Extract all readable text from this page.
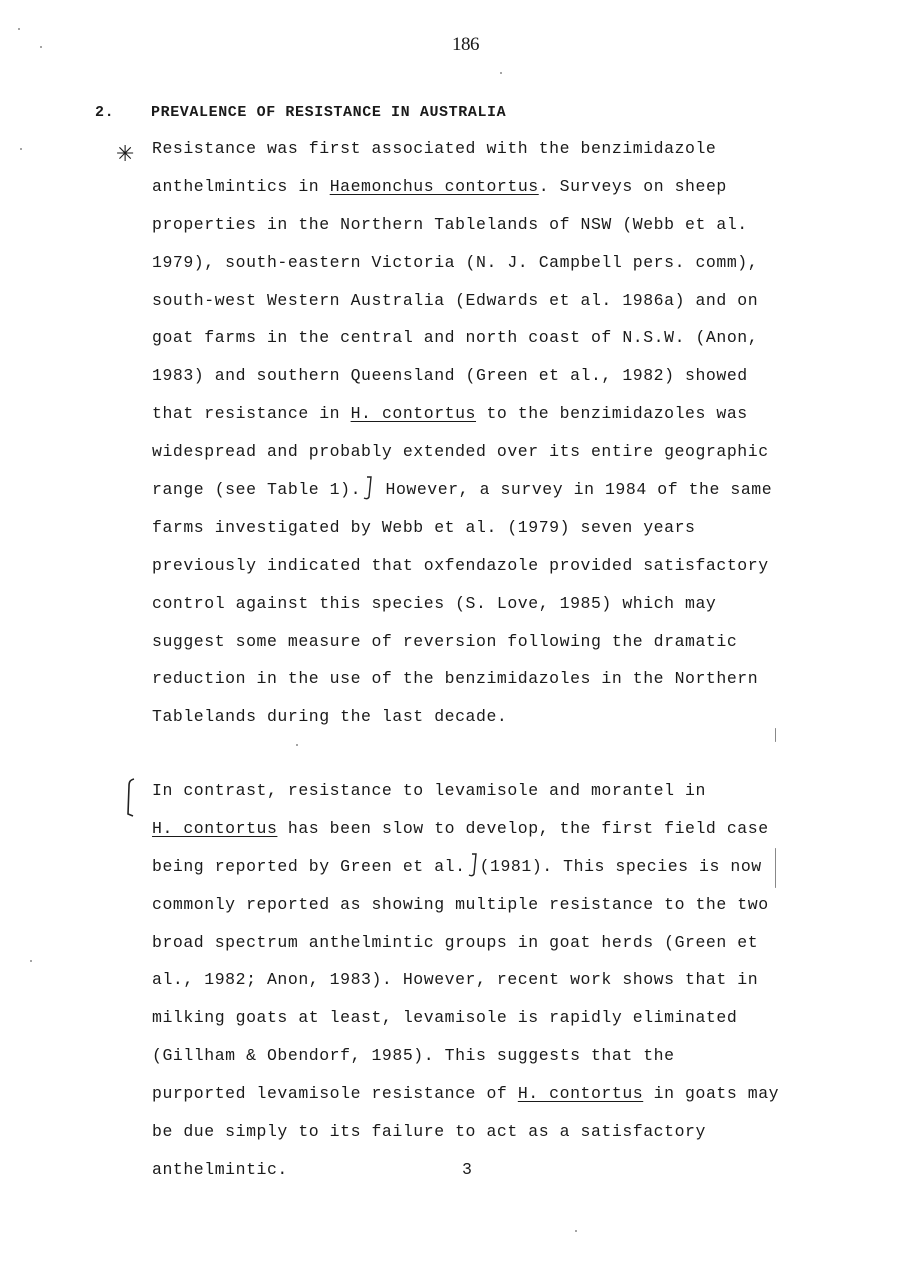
186
2. PREVALENCE OF RESISTANCE IN AUSTRALIA
✳ Resistance was first associated with the benzimidazole
anthelmintics in Haemonchus contortus. Surveys on sheep
properties in the Northern Tablelands of NSW (Webb et al.
1979), south-eastern Victoria (N. J. Campbell pers. comm),
south-west Western Australia (Edwards et al. 1986a) and on
goat farms in the central and north coast of N.S.W. (Anon,
1983) and southern Queensland (Green et al., 1982) showed
that resistance in H. contortus to the benzimidazoles was
widespread and probably extended over its entire geographic
range (see Table 1). However, a survey in 1984 of the same
farms investigated by Webb et al. (1979) seven years
previously indicated that oxfendazole provided satisfactory
control against this species (S. Love, 1985) which may
suggest some measure of reversion following the dramatic
reduction in the use of the benzimidazoles in the Northern
Tablelands during the last decade.
In contrast, resistance to levamisole and morantel in
H. contortus has been slow to develop, the first field case
being reported by Green et al. (1981). This species is now
commonly reported as showing multiple resistance to the two
broad spectrum anthelmintic groups in goat herds (Green et
al., 1982; Anon, 1983). However, recent work shows that in
milking goats at least, levamisole is rapidly eliminated
(Gillham & Obendorf, 1985). This suggests that the
purported levamisole resistance of H. contortus in goats may
be due simply to its failure to act as a satisfactory
anthelmintic.	3
